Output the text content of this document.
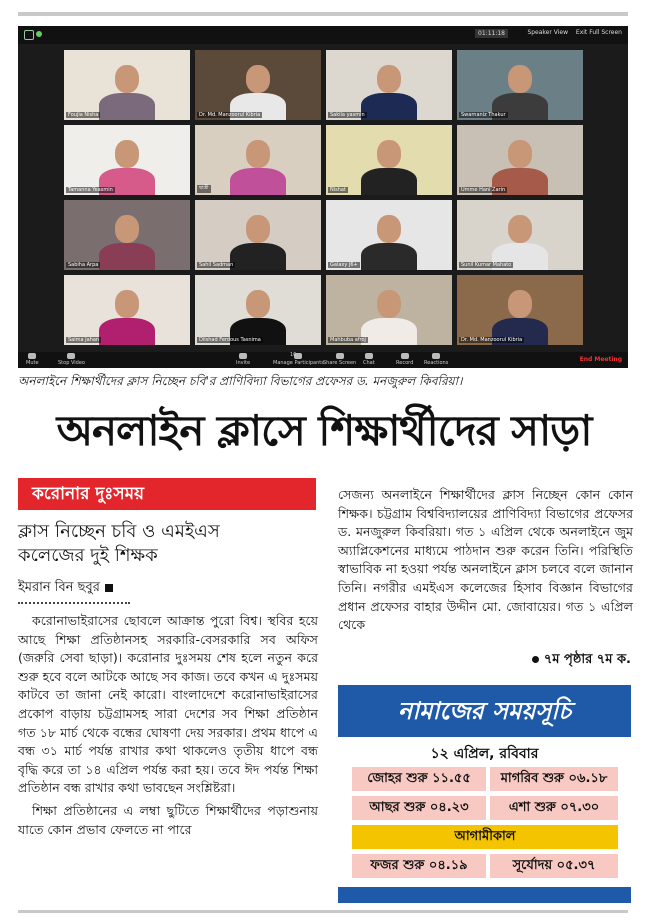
01:11:18	Speaker View Exit Full Screen
Foujia Nisha	Dr. Md. Manzoorul Kibria	Sakila yasmin	Swarnaniz Thakur
Tamanna Yeasmin	ছাত্রী	Nishat	Umme Hani Zarin
Sabiha Arpa	Sahil Sadman	Galaxy J6+	Sunil Kumar Mahato
Saima Jahan	Dilshad Ferdous Tasnima	Mahbuba afroj	Dr. Md. Manzoorul Kibria
End Meeting
Mute	Stop Video	Invite	Manage Participants Share Screen Chat	Record Reactions
16
অনলাইনে শিক্ষার্থীদের ক্লাস নিচ্ছেন চবি'র প্রাণিবিদ্যা বিভাগের প্রফেসর ড. মনজুরুল কিবরিয়া।
অনলাইন ক্লাসে শিক্ষার্থীদের সাড়া
করোনার দুঃসময়
ক্লাস নিচ্ছেন চবি ও এমইএস
কলেজের দুই শিক্ষক
ইমরান বিন ছবুর

করোনাভাইরাসের ছোবলে আক্রান্ত পুরো বিশ্ব। স্থবির হয়ে আছে শিক্ষা প্রতিষ্ঠানসহ সরকারি-বেসরকারি সব অফিস (জরুরি সেবা ছাড়া)। করোনার দুঃসময় শেষ হলে নতুন করে শুরু হবে বলে আটকে আছে সব কাজ। তবে কখন এ দুঃসময় কাটবে তা জানা নেই কারো। বাংলাদেশে করোনাভাইরাসের প্রকোপ বাড়ায় চট্টগ্রামসহ সারা দেশের সব শিক্ষা প্রতিষ্ঠান গত ১৮ মার্চ থেকে বন্ধের ঘোষণা দেয় সরকার। প্রথম ধাপে এ বন্ধ ৩১ মার্চ পর্যন্ত রাখার কথা থাকলেও তৃতীয় ধাপে বন্ধ বৃদ্ধি করে তা ১৪ এপ্রিল পর্যন্ত করা হয়। তবে ঈদ পর্যন্ত শিক্ষা প্রতিষ্ঠান বন্ধ রাখার কথা ভাবছেন সংশ্লিষ্টরা।

শিক্ষা প্রতিষ্ঠানের এ লম্বা ছুটিতে শিক্ষার্থীদের পড়াশুনায় যাতে কোন প্রভাব ফেলতে না পারে

সেজন্য অনলাইনে শিক্ষার্থীদের ক্লাস নিচ্ছেন কোন কোন শিক্ষক। চট্টগ্রাম বিশ্ববিদ্যালয়ের প্রাণিবিদ্যা বিভাগের প্রফেসর ড. মনজুরুল কিবরিয়া। গত ১ এপ্রিল থেকে অনলাইনে জুম অ্যাপ্লিকেশনের মাধ্যমে পাঠদান শুরু করেন তিনি। পরিস্থিতি স্বাভাবিক না হওয়া পর্যন্ত অনলাইনে ক্লাস চলবে বলে জানান তিনি। নগরীর এমইএস কলেজের হিসাব বিজ্ঞান বিভাগের প্রধান প্রফেসর বাহার উদ্দীন মো. জোবায়ের। গত ১ এপ্রিল থেকে

৭ম পৃষ্ঠার ৭ম ক.
নামাজের সময়সূচি
১২ এপ্রিল, রবিবার
জোহর শুরু ১১.৫৫	মাগরিব শুরু ০৬.১৮
আছর শুরু ০৪.২৩	এশা শুরু ০৭.৩০
আগামীকাল
ফজর শুরু ০৪.১৯	সূর্যোদয় ০৫.৩৭
